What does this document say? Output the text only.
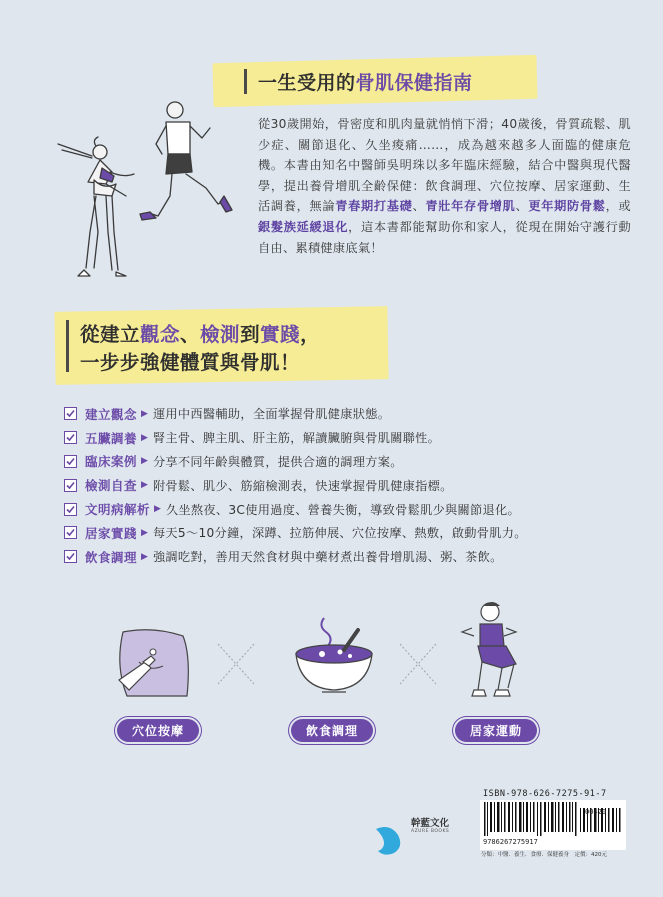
一生受用的骨肌保健指南

從30歲開始，骨密度和肌肉量就悄悄下滑；40歲後，骨質疏鬆、肌少症、關節退化、久坐痠痛……，成為越來越多人面臨的健康危機。本書由知名中醫師吳明珠以多年臨床經驗，結合中醫與現代醫學，提出養骨增肌全齡保健：飲食調理、穴位按摩、居家運動、生活調養，無論青春期打基礎、青壯年存骨增肌、更年期防骨鬆，或銀髮族延緩退化，這本書都能幫助你和家人，從現在開始守護行動自由、累積健康底氣！

從建立觀念、檢測到實踐，
一步步強健體質與骨肌！
建立觀念 ▶ 運用中西醫輔助，全面掌握骨肌健康狀態。
五臟調養 ▶ 腎主骨、脾主肌、肝主筋，解讀臟腑與骨肌關聯性。
臨床案例 ▶ 分享不同年齡與體質，提供合適的調理方案。
檢測自查 ▶ 附骨鬆、肌少、筋縮檢測表，快速掌握骨肌健康指標。
文明病解析 ▶ 久坐熬夜、3C使用過度、營養失衡，導致骨鬆肌少與關節退化。
居家實踐 ▶ 每天5～10分鐘，深蹲、拉筋伸展、穴位按摩、熱敷，啟動骨肌力。
飲食調理 ▶ 強調吃對，善用天然食材與中藥材煮出養骨增肌湯、粥、茶飲。
穴位按摩	飲食調理	居家運動
幹藍文化
AZURE BOOKS
ISBN-978-626-7275-91-7
9786267275917
00420
分類：中醫．養生．食療．保健養身　定價：420元
